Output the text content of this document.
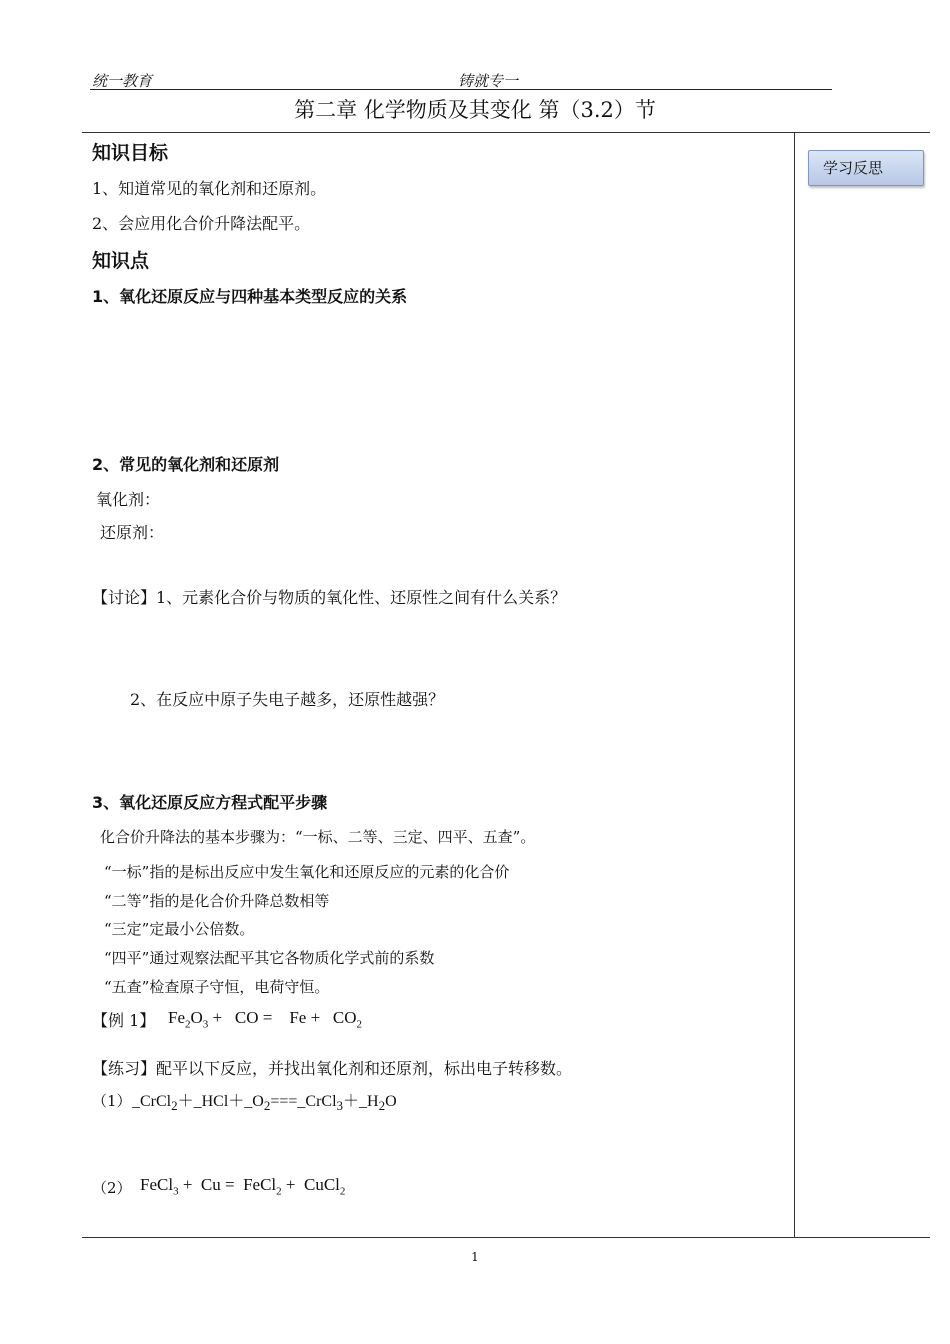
统一教育	铸就专一
第二章 化学物质及其变化 第（3.2）节
学习反思
知识目标
1、知道常见的氧化剂和还原剂。
2、会应用化合价升降法配平。
知识点
1、氧化还原反应与四种基本类型反应的关系
2、常见的氧化剂和还原剂
氧化剂：
还原剂：
【讨论】1、元素化合价与物质的氧化性、还原性之间有什么关系？
2、在反应中原子失电子越多，还原性越强？
3、氧化还原反应方程式配平步骤
化合价升降法的基本步骤为：“一标、二等、三定、四平、五查”。
“一标”指的是标出反应中发生氧化和还原反应的元素的化合价
“二等”指的是化合价升降总数相等
“三定”定最小公倍数。
“四平”通过观察法配平其它各物质化学式前的系数
“五查”检查原子守恒，电荷守恒。
【例 1】 $Fe_2O_3$ +   CO =    $Fe + CO_2$
【练习】配平以下反应，并找出氧化剂和还原剂，标出电子转移数。
（1） $\_CrCl_2+\_HCl+\_O_2===\_CrCl_3+\_H_2O$
（2） FeCl$_3$ +  Cu =  FeCl$_2$ +  CuCl$_2$
1
